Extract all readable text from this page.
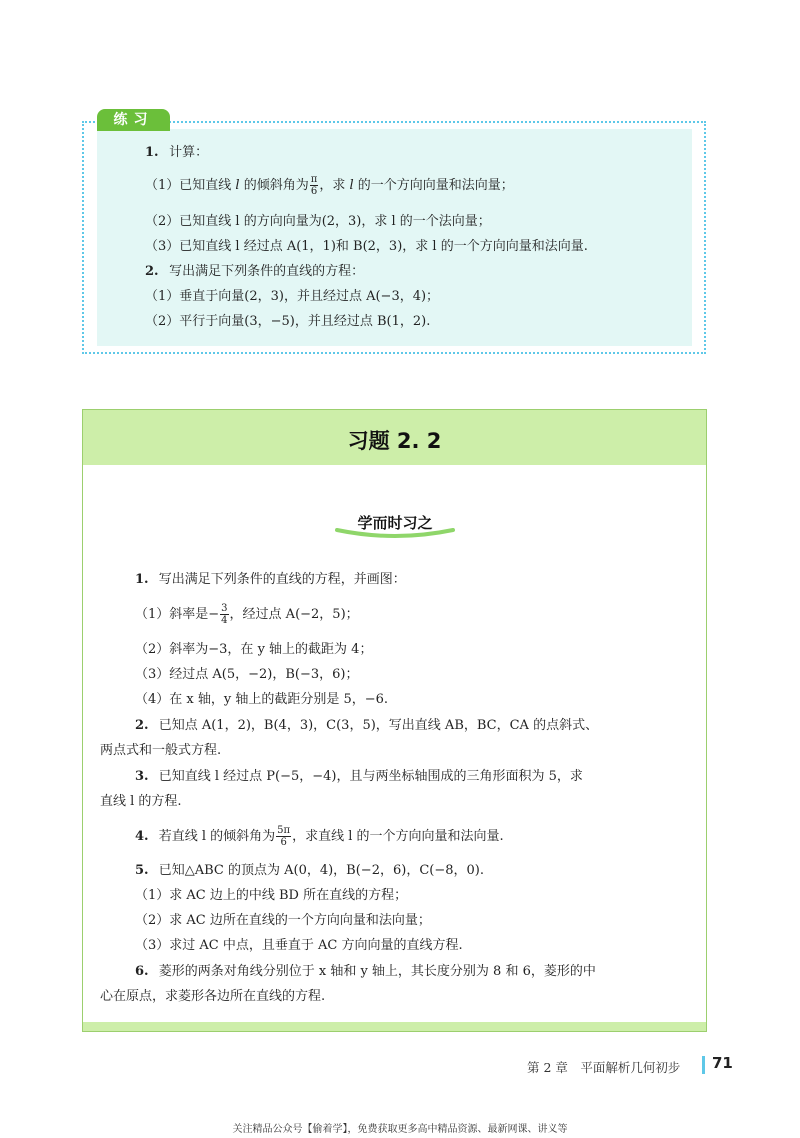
练习
1. 计算：
（1）已知直线 l 的倾斜角为 $\frac{\pi}{6}$ ，求 l 的一个方向向量和法向量；
（2）已知直线 l 的方向向量为(2，3)，求 l 的一个法向量；
（3）已知直线 l 经过点 A(1，1)和 B(2，3)，求 l 的一个方向向量和法向量.
2. 写出满足下列条件的直线的方程：
（1）垂直于向量(2，3)，并且经过点 A(−3，4)；
（2）平行于向量(3，−5)，并且经过点 B(1，2).
习题 2. 2
学而时习之
1. 写出满足下列条件的直线的方程，并画图：
（1）斜率是− $\frac{3}{4}$ ，经过点 A(−2，5)；
（2）斜率为−3，在 y 轴上的截距为 4；
（3）经过点 A(5，−2)，B(−3，6)；
（4）在 x 轴，y 轴上的截距分别是 5，−6.
2. 已知点 A(1，2)，B(4，3)，C(3，5)，写出直线 AB，BC，CA 的点斜式、
两点式和一般式方程.
3. 已知直线 l 经过点 P(−5，−4)，且与两坐标轴围成的三角形面积为 5，求
直线 l 的方程.
4. 若直线 l 的倾斜角为 $\frac{5\pi}{6}$ ，求直线 l 的一个方向向量和法向量.
5. 已知△ABC 的顶点为 A(0，4)，B(−2，6)，C(−8，0).
（1）求 AC 边上的中线 BD 所在直线的方程；
（2）求 AC 边所在直线的一个方向向量和法向量；
（3）求过 AC 中点，且垂直于 AC 方向向量的直线方程.
6. 菱形的两条对角线分别位于 x 轴和 y 轴上，其长度分别为 8 和 6，菱形的中
心在原点，求菱形各边所在直线的方程.
第 2 章　平面解析几何初步 71
关注精品公众号【偷着学】，免费获取更多高中精品资源、最新网课、讲义等
